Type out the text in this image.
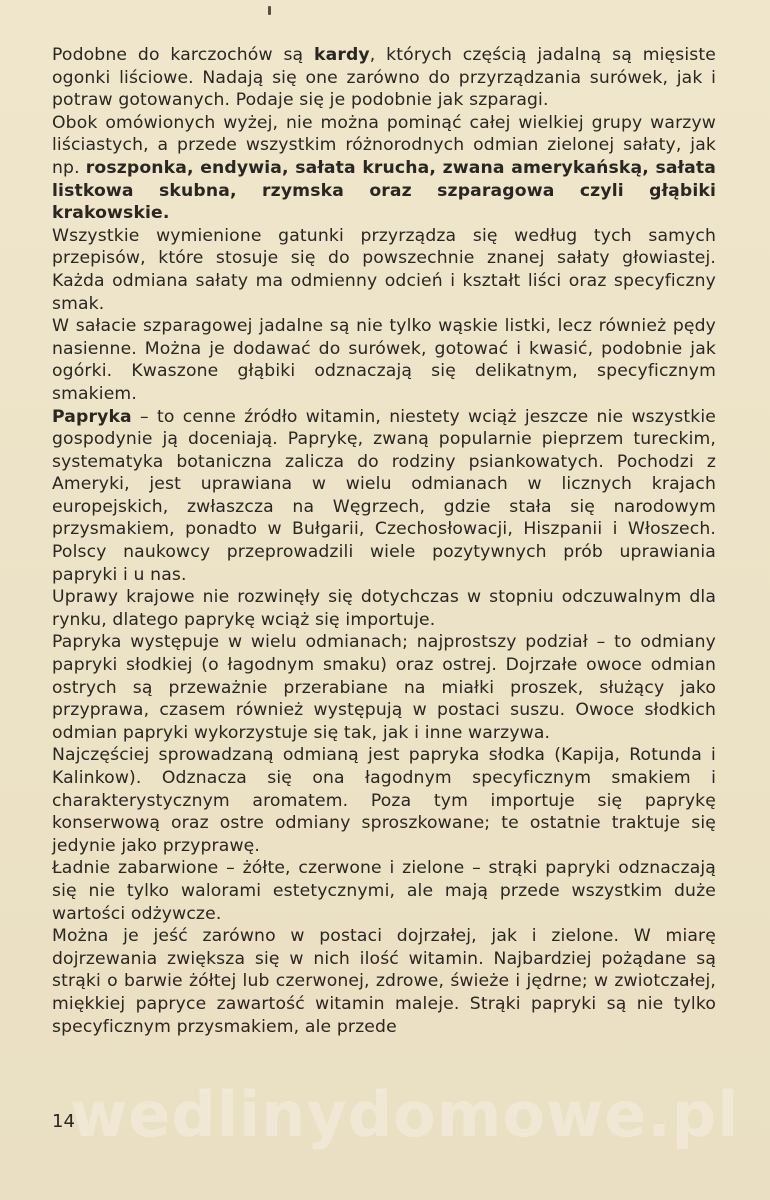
Podobne do karczochów są kardy, których częścią jadalną są mięsiste ogonki liściowe. Nadają się one zarówno do przyrządzania surówek, jak i potraw gotowanych. Podaje się je podobnie jak szparagi.

Obok omówionych wyżej, nie można pominąć całej wielkiej grupy warzyw liściastych, a przede wszystkim różnorodnych odmian zielonej sałaty, jak np. roszponka, endywia, sałata krucha, zwana amerykańską, sałata listkowa skubna, rzymska oraz szparagowa czyli głąbiki krakowskie.

Wszystkie wymienione gatunki przyrządza się według tych samych przepisów, które stosuje się do powszechnie znanej sałaty głowiastej. Każda odmiana sałaty ma odmienny odcień i kształt liści oraz specyficzny smak.

W sałacie szparagowej jadalne są nie tylko wąskie listki, lecz również pędy nasienne. Można je dodawać do surówek, gotować i kwasić, podobnie jak ogórki. Kwaszone głąbiki odznaczają się delikatnym, specyficznym smakiem.

Papryka – to cenne źródło witamin, niestety wciąż jeszcze nie wszystkie gospodynie ją doceniają. Paprykę, zwaną popularnie pieprzem tureckim, systematyka botaniczna zalicza do rodziny psiankowatych. Pochodzi z Ameryki, jest uprawiana w wielu odmianach w licznych krajach europejskich, zwłaszcza na Węgrzech, gdzie stała się narodowym przysmakiem, ponadto w Bułgarii, Czechosłowacji, Hiszpanii i Włoszech. Polscy naukowcy przeprowadzili wiele pozytywnych prób uprawiania papryki i u nas.

Uprawy krajowe nie rozwinęły się dotychczas w stopniu odczuwalnym dla rynku, dlatego paprykę wciąż się importuje.

Papryka występuje w wielu odmianach; najprostszy podział – to odmiany papryki słodkiej (o łagodnym smaku) oraz ostrej. Dojrzałe owoce odmian ostrych są przeważnie przerabiane na miałki proszek, służący jako przyprawa, czasem również występują w postaci suszu. Owoce słodkich odmian papryki wykorzystuje się tak, jak i inne warzywa.

Najczęściej sprowadzaną odmianą jest papryka słodka (Kapija, Rotunda i Kalinkow). Odznacza się ona łagodnym specyficznym smakiem i charakterystycznym aromatem. Poza tym importuje się paprykę konserwową oraz ostre odmiany sproszkowane; te ostatnie traktuje się jedynie jako przyprawę.

Ładnie zabarwione – żółte, czerwone i zielone – strąki papryki odznaczają się nie tylko walorami estetycznymi, ale mają przede wszystkim duże wartości odżywcze.

Można je jeść zarówno w postaci dojrzałej, jak i zielone. W miarę dojrzewania zwiększa się w nich ilość witamin. Najbardziej pożądane są strąki o barwie żółtej lub czerwonej, zdrowe, świeże i jędrne; w zwiotczałej, miękkiej papryce zawartość witamin maleje. Strąki papryki są nie tylko specyficznym przysmakiem, ale przede

wedlinydomowe.pl
14
